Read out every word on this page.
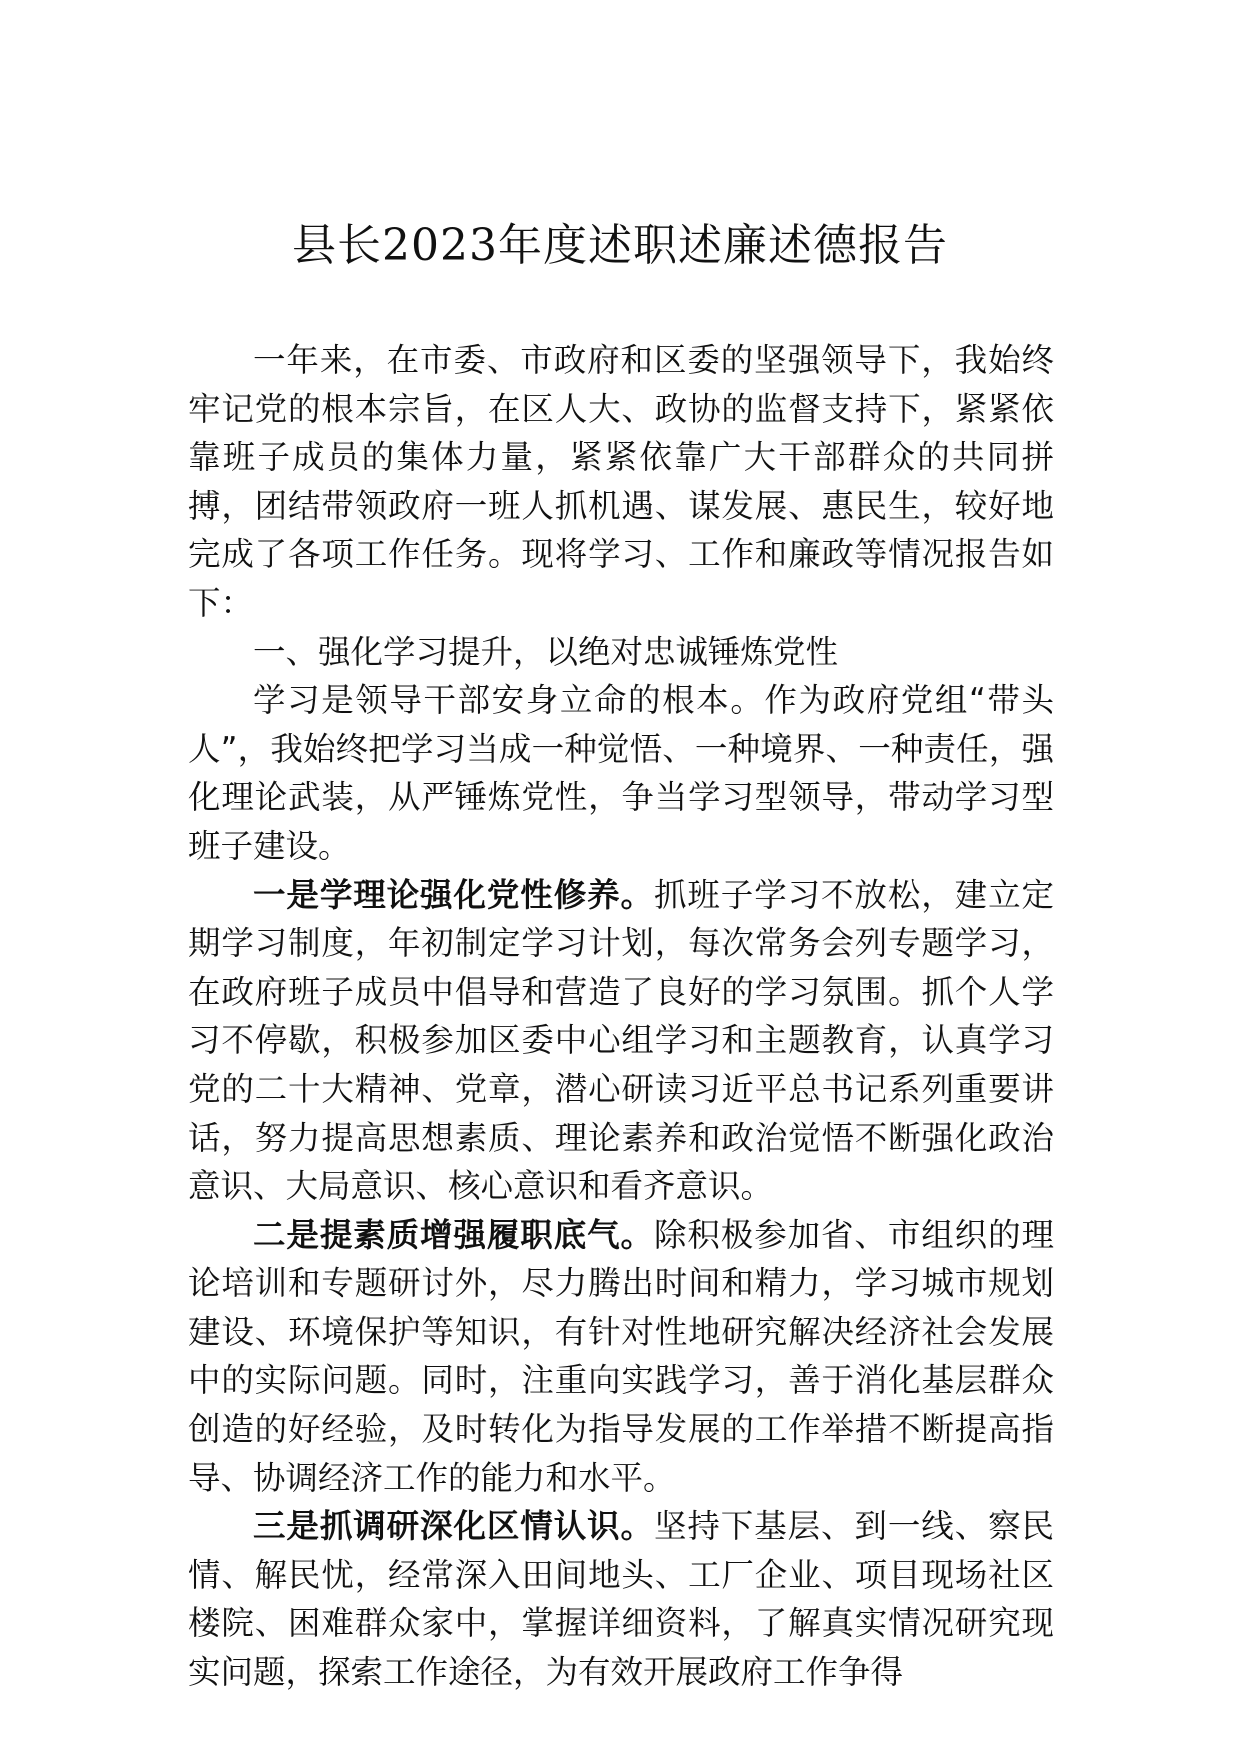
县长2023年度述职述廉述德报告

一年来，在市委、市政府和区委的坚强领导下，我始终牢记党的根本宗旨，在区人大、政协的监督支持下，紧紧依靠班子成员的集体力量，紧紧依靠广大干部群众的共同拼搏，团结带领政府一班人抓机遇、谋发展、惠民生，较好地完成了各项工作任务。现将学习、工作和廉政等情况报告如下：

一、强化学习提升，以绝对忠诚锤炼党性

学习是领导干部安身立命的根本。作为政府党组“带头人”，我始终把学习当成一种觉悟、一种境界、一种责任，强化理论武装，从严锤炼党性，争当学习型领导，带动学习型班子建设。

一是学理论强化党性修养。抓班子学习不放松，建立定期学习制度，年初制定学习计划，每次常务会列专题学习，在政府班子成员中倡导和营造了良好的学习氛围。抓个人学习不停歇，积极参加区委中心组学习和主题教育，认真学习党的二十大精神、党章，潜心研读习近平总书记系列重要讲话，努力提高思想素质、理论素养和政治觉悟不断强化政治意识、大局意识、核心意识和看齐意识。

二是提素质增强履职底气。除积极参加省、市组织的理论培训和专题研讨外，尽力腾出时间和精力，学习城市规划建设、环境保护等知识，有针对性地研究解决经济社会发展中的实际问题。同时，注重向实践学习，善于消化基层群众创造的好经验，及时转化为指导发展的工作举措不断提高指导、协调经济工作的能力和水平。

三是抓调研深化区情认识。坚持下基层、到一线、察民情、解民忧，经常深入田间地头、工厂企业、项目现场社区楼院、困难群众家中，掌握详细资料，了解真实情况研究现实问题，探索工作途径，为有效开展政府工作争得
